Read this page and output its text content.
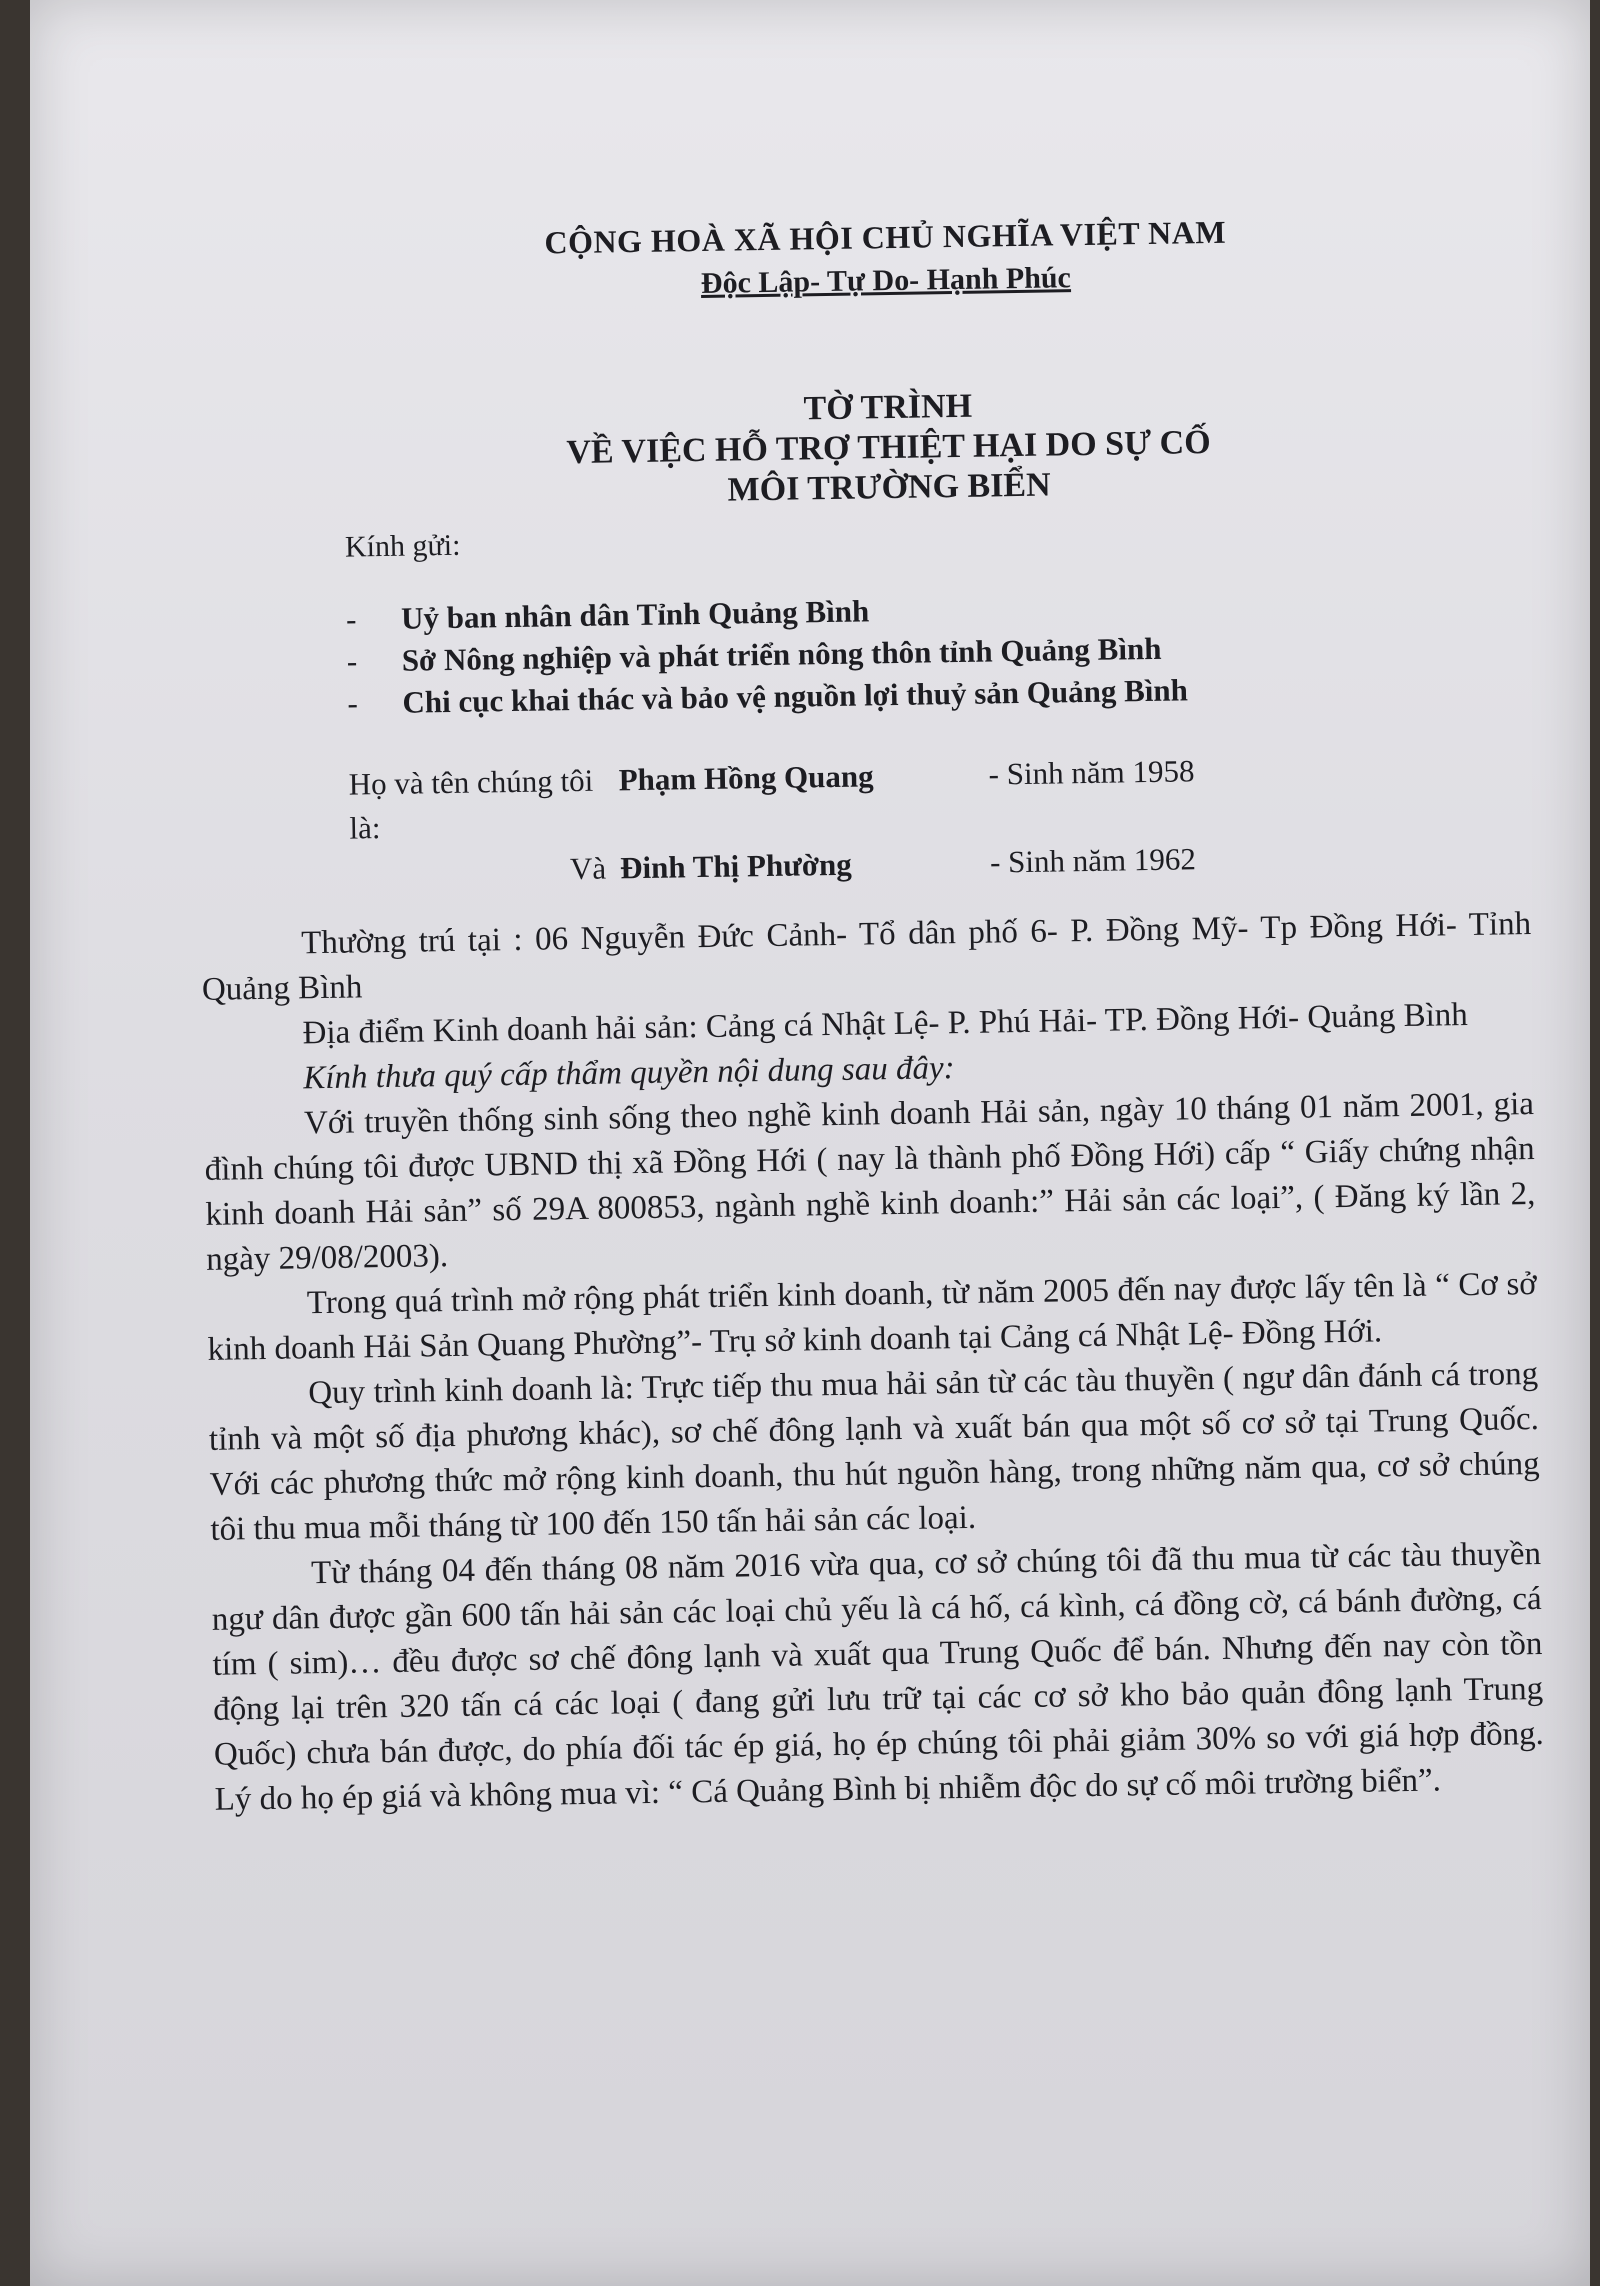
CỘNG HOÀ XÃ HỘI CHỦ NGHĨA VIỆT NAM
Độc Lập- Tự Do- Hạnh Phúc
TỜ TRÌNH
VỀ VIỆC HỖ TRỢ THIỆT HẠI DO SỰ CỐ
MÔI TRƯỜNG BIỂN
Kính gửi:
- Uỷ ban nhân dân Tỉnh Quảng Bình
- Sở Nông nghiệp và phát triển nông thôn tỉnh Quảng Bình
- Chi cục khai thác và bảo vệ nguồn lợi thuỷ sản Quảng Bình
Họ và tên chúng tôi là:
Phạm Hồng Quang	- Sinh năm 1958
Và Đinh Thị Phường	- Sinh năm 1962

Thường trú tại : 06 Nguyễn Đức Cảnh- Tổ dân phố 6- P. Đồng Mỹ- Tp Đồng Hới- Tỉnh Quảng Bình

Địa điểm Kinh doanh hải sản: Cảng cá Nhật Lệ- P. Phú Hải- TP. Đồng Hới- Quảng Bình

Kính thưa quý cấp thẩm quyền nội dung sau đây:

Với truyền thống sinh sống theo nghề kinh doanh Hải sản, ngày 10 tháng 01 năm 2001, gia đình chúng tôi được UBND thị xã Đồng Hới ( nay là thành phố Đồng Hới) cấp “ Giấy chứng nhận kinh doanh Hải sản” số 29A 800853, ngành nghề kinh doanh:” Hải sản các loại”, ( Đăng ký lần 2, ngày 29/08/2003).

Trong quá trình mở rộng phát triển kinh doanh, từ năm 2005 đến nay được lấy tên là “ Cơ sở kinh doanh Hải Sản Quang Phường”- Trụ sở kinh doanh tại Cảng cá Nhật Lệ- Đồng Hới.

Quy trình kinh doanh là: Trực tiếp thu mua hải sản từ các tàu thuyền ( ngư dân đánh cá trong tỉnh và một số địa phương khác), sơ chế đông lạnh và xuất bán qua một số cơ sở tại Trung Quốc. Với các phương thức mở rộng kinh doanh, thu hút nguồn hàng, trong những năm qua, cơ sở chúng tôi thu mua mỗi tháng từ 100 đến 150 tấn hải sản các loại.

Từ tháng 04 đến tháng 08 năm 2016 vừa qua, cơ sở chúng tôi đã thu mua từ các tàu thuyền ngư dân được gần 600 tấn hải sản các loại chủ yếu là cá hố, cá kình, cá đồng cờ, cá bánh đường, cá tím ( sim)… đều được sơ chế đông lạnh và xuất qua Trung Quốc để bán. Nhưng đến nay còn tồn động lại trên 320 tấn cá các loại ( đang gửi lưu trữ tại các cơ sở kho bảo quản đông lạnh Trung Quốc) chưa bán được, do phía đối tác ép giá, họ ép chúng tôi phải giảm 30% so với giá hợp đồng. Lý do họ ép giá và không mua vì: “ Cá Quảng Bình bị nhiễm độc do sự cố môi trường biển”.
